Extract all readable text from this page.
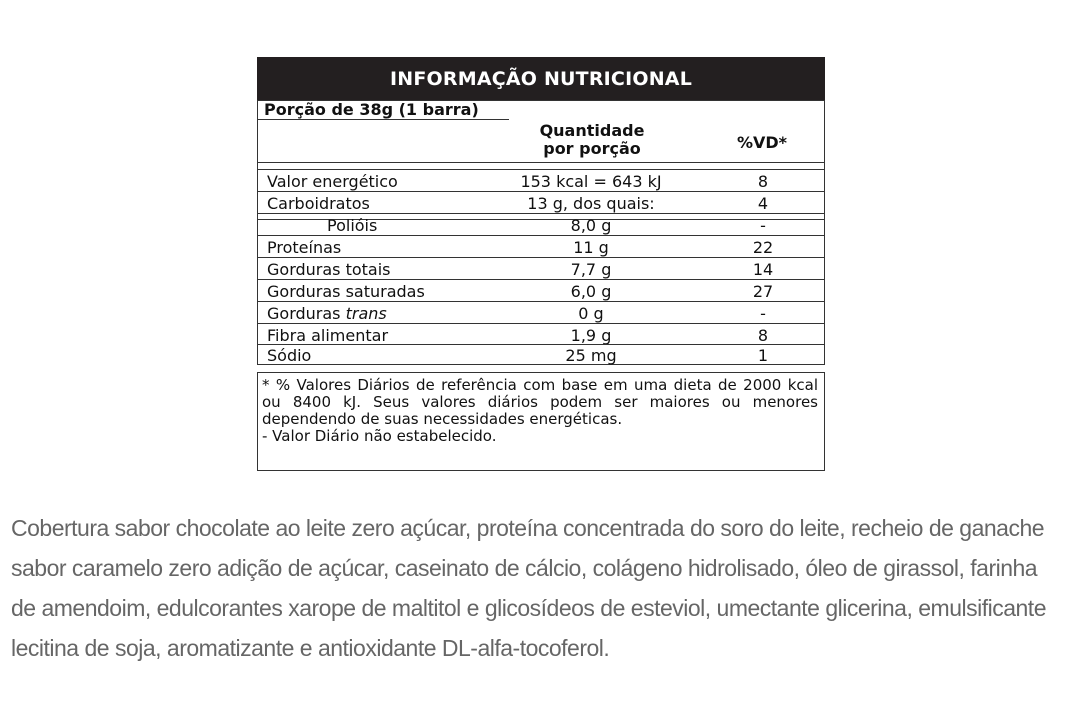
INFORMAÇÃO NUTRICIONAL
Porção de 38g (1 barra)
Quantidade
por porção	%VD*
Valor energético	153 kcal = 643 kJ	8
Carboidratos	13 g, dos quais:	4
Polióis	8,0 g	-
Proteínas	11 g	22
Gorduras totais	7,7 g	14
Gorduras saturadas	6,0 g	27
Gorduras trans	0 g	-
Fibra alimentar	1,9 g	8
Sódio	25 mg	1

* % Valores Diários de referência com base em uma dieta de 2000 kcal ou 8400 kJ. Seus valores diários podem ser maiores ou menores dependendo de suas necessidades energéticas.

- Valor Diário não estabelecido.

Cobertura sabor chocolate ao leite zero açúcar, proteína concentrada do soro do leite, recheio de ganache sabor caramelo zero adição de açúcar, caseinato de cálcio, colágeno hidrolisado, óleo de girassol, farinha de amendoim, edulcorantes xarope de maltitol e glicosídeos de esteviol, umectante glicerina, emulsificante lecitina de soja, aromatizante e antioxidante DL-alfa-tocoferol.
